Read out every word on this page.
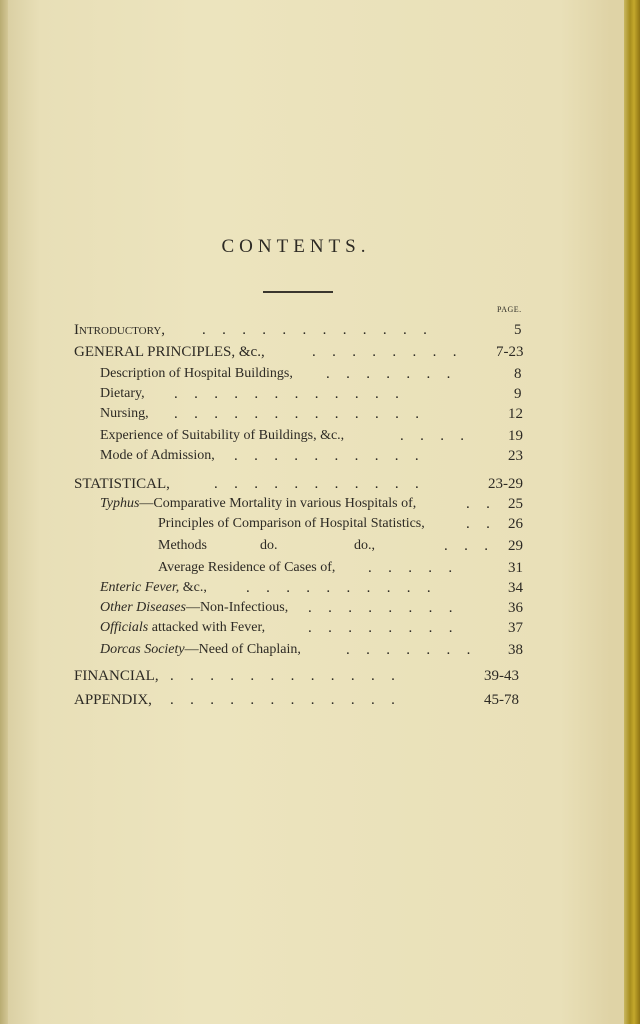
CONTENTS.
PAGE.
Introductory, . . . . . . . . . . . .	5
GENERAL PRINCIPLES, &c.,	. . . . . . . . 7-23
Description of Hospital Buildings, . . . . . . .	8
Dietary, . . . . . . . . . . . .	9
Nursing, . . . . . . . . . . . . .	12
Experience of Suitability of Buildings, &c.,	. . . .	19
Mode of Admission, . . . . . . . . . .	23
STATISTICAL,	. . . . . . . . . . .	23-29
Typhus—Comparative Mortality in various Hospitals of,	. . 25
Principles of Comparison of Hospital Statistics,	. . 26
Methods	do.	do.,	. . . 29
Average Residence of Cases of, . . . . .	31
Enteric Fever, &c.,	. . . . . . . . . .	34
Other Diseases—Non-Infectious, . . . . . . . .	36
Officials attacked with Fever,	. . . . . . . .	37
Dorcas Society—Need of Chaplain,	. . . . . . . 38
FINANCIAL, . . . . . . . . . . . .	39-43
APPENDIX, . . . . . . . . . . . .	45-78
